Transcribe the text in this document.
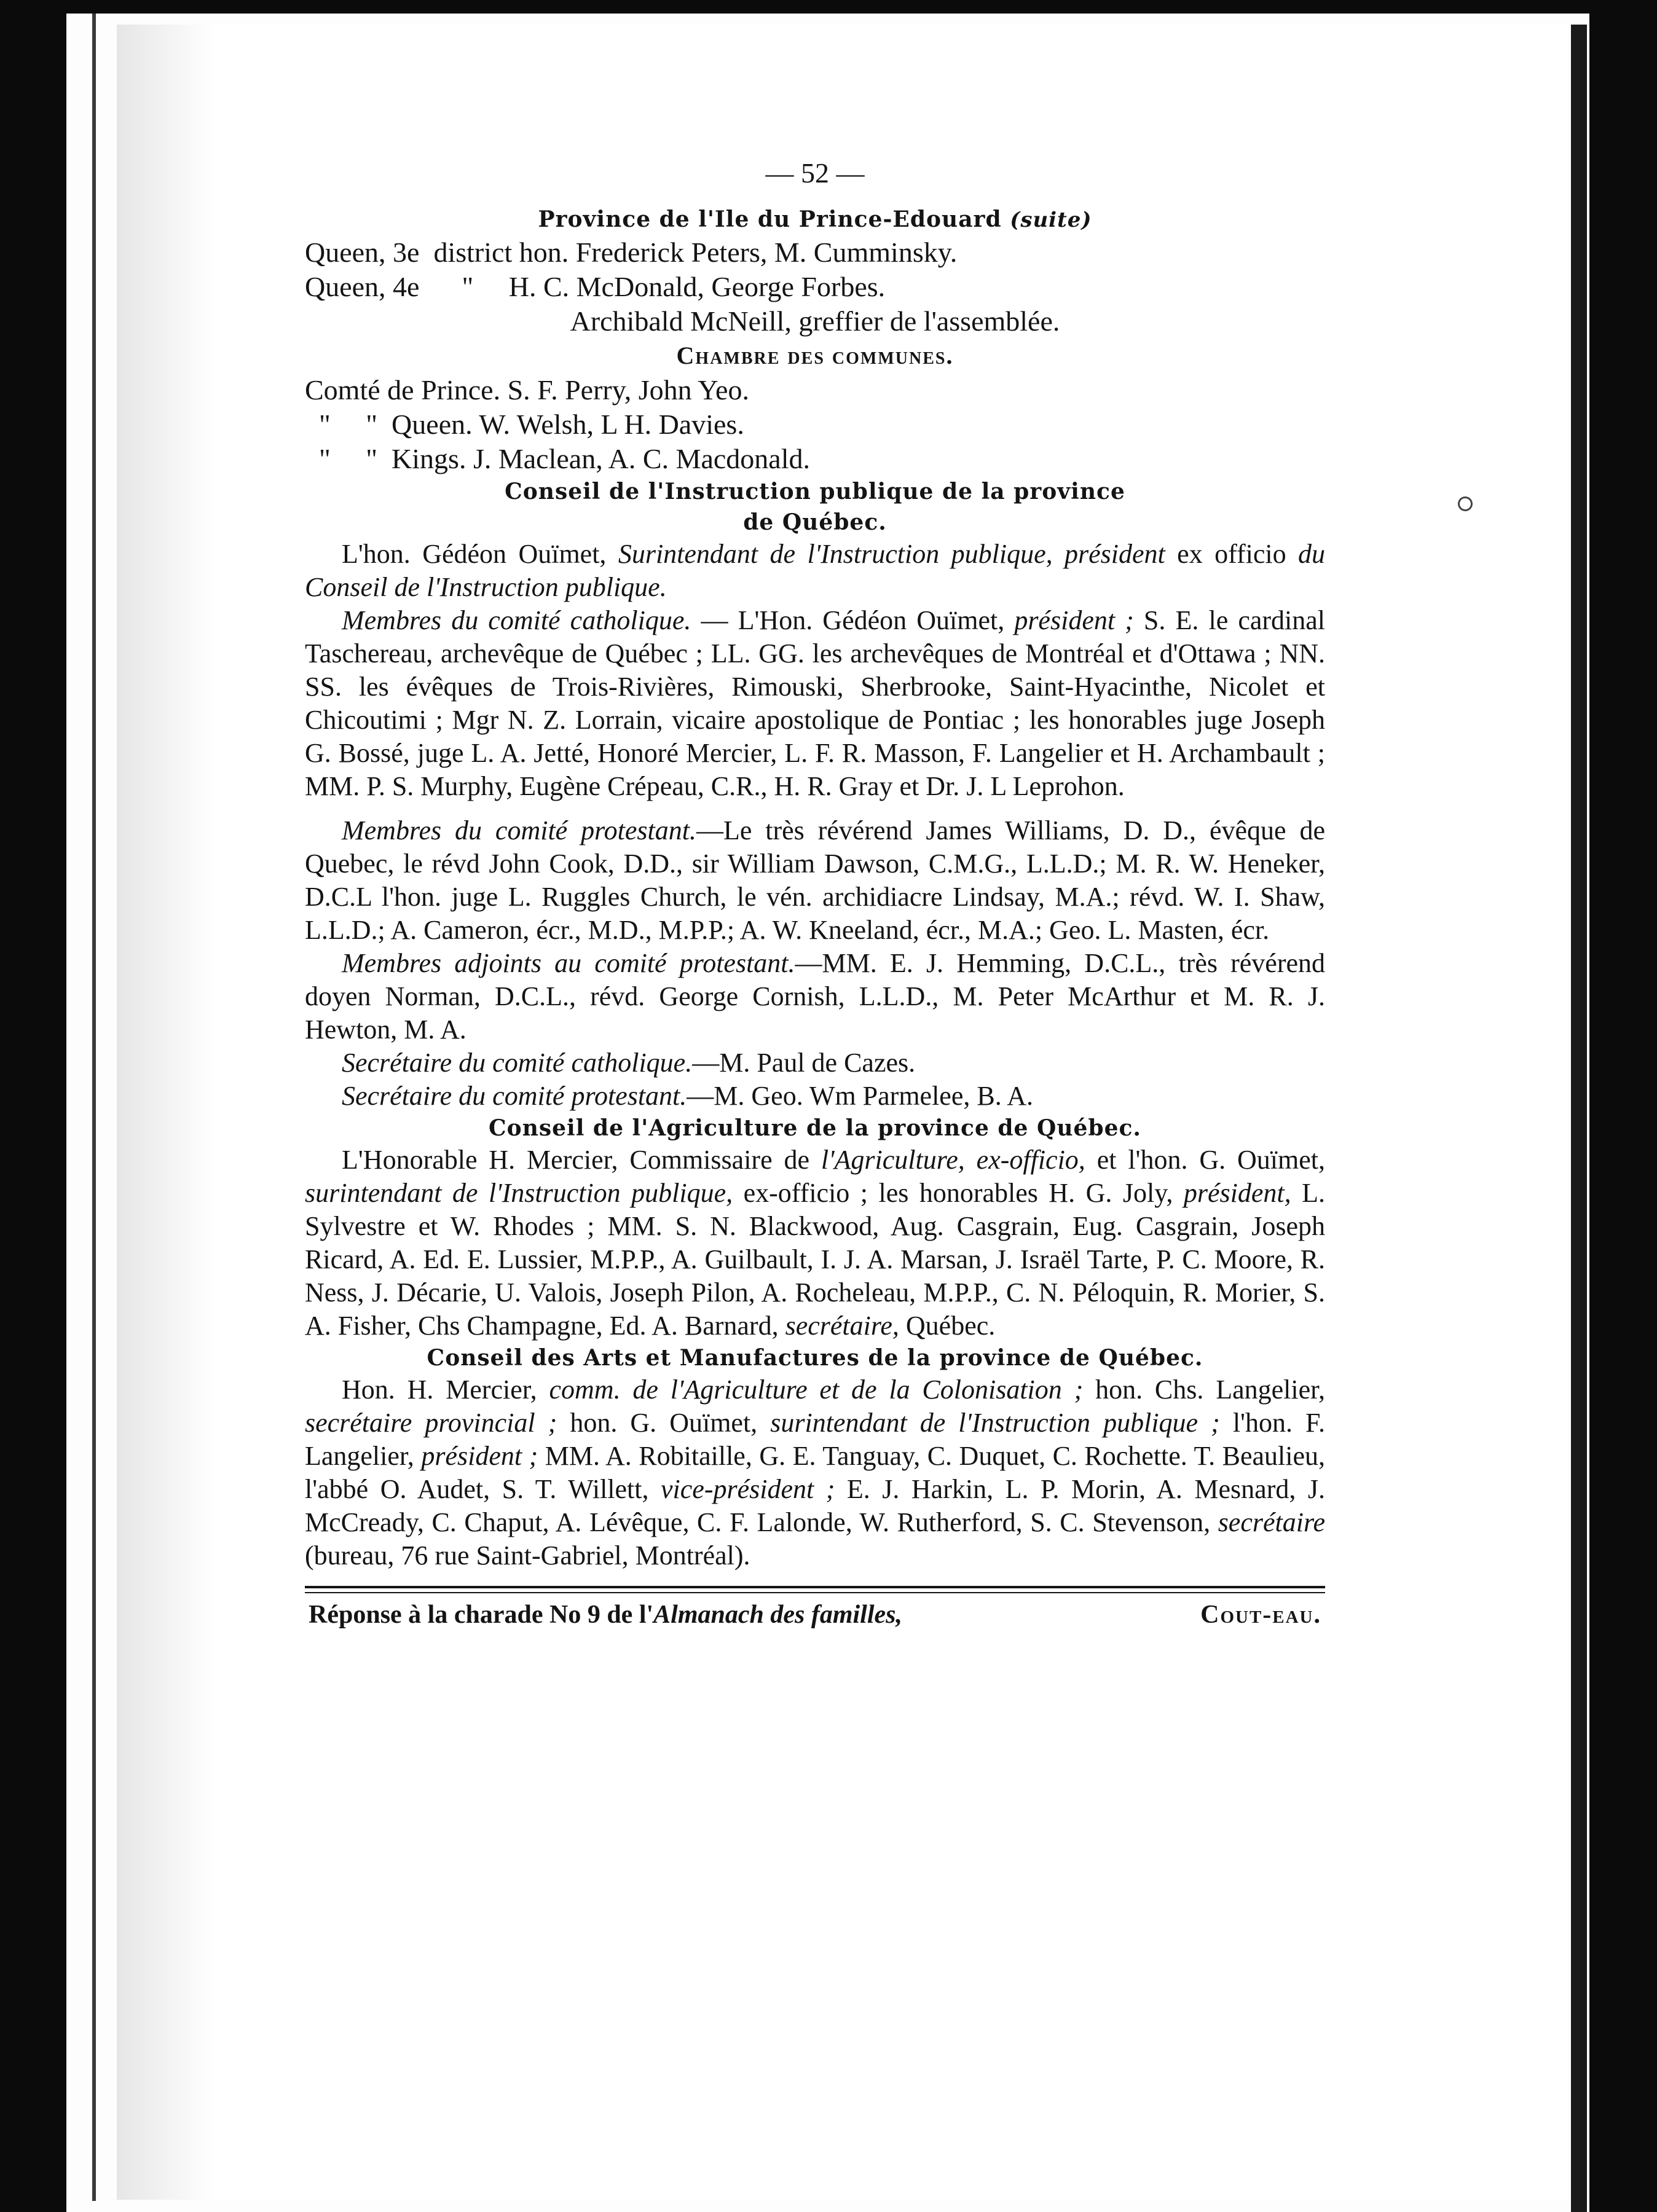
— 52 —
Province de l'Ile du Prince-Edouard (suite)
Queen, 3e  district hon. Frederick Peters, M. Cumminsky.
Queen, 4e      "     H. C. McDonald, George Forbes.
Archibald McNeill, greffier de l'assemblée.
Chambre des communes.
Comté de Prince. S. F. Perry, John Yeo.
"     "  Queen. W. Welsh, L H. Davies.
"     "  Kings. J. Maclean, A. C. Macdonald.
Conseil de l'Instruction publique de la province
de Québec.

L'hon. Gédéon Ouïmet, Surintendant de l'Instruction publique, président ex officio du Conseil de l'Instruction publique.

Membres du comité catholique. — L'Hon. Gédéon Ouïmet, président ; S. E. le cardinal Taschereau, archevêque de Québec ; LL. GG. les archevêques de Montréal et d'Ottawa ; NN. SS. les évêques de Trois-Rivières, Rimouski, Sherbrooke, Saint-Hyacinthe, Nicolet et Chicoutimi ; Mgr N. Z. Lorrain, vicaire apostolique de Pontiac ; les honorables juge Joseph G. Bossé, juge L. A. Jetté, Honoré Mercier, L. F. R. Masson, F. Langelier et H. Archambault ; MM. P. S. Murphy, Eugène Crépeau, C.R., H. R. Gray et Dr. J. L Leprohon.

Membres du comité protestant.—Le très révérend James Williams, D. D., évêque de Quebec, le révd John Cook, D.D., sir William Dawson, C.M.G., L.L.D.; M. R. W. Heneker, D.C.L l'hon. juge L. Ruggles Church, le vén. archidiacre Lindsay, M.A.; révd. W. I. Shaw, L.L.D.; A. Cameron, écr., M.D., M.P.P.; A. W. Kneeland, écr., M.A.; Geo. L. Masten, écr.

Membres adjoints au comité protestant.—MM. E. J. Hemming, D.C.L., très révérend doyen Norman, D.C.L., révd. George Cornish, L.L.D., M. Peter McArthur et M. R. J. Hewton, M. A.

Secrétaire du comité catholique.—M. Paul de Cazes.

Secrétaire du comité protestant.—M. Geo. Wm Parmelee, B. A.

Conseil de l'Agriculture de la province de Québec.

L'Honorable H. Mercier, Commissaire de l'Agriculture, ex-officio, et l'hon. G. Ouïmet, surintendant de l'Instruction publique, ex-officio ; les honorables H. G. Joly, président, L. Sylvestre et W. Rhodes ; MM. S. N. Blackwood, Aug. Casgrain, Eug. Casgrain, Joseph Ricard, A. Ed. E. Lussier, M.P.P., A. Guilbault, I. J. A. Marsan, J. Israël Tarte, P. C. Moore, R. Ness, J. Décarie, U. Valois, Joseph Pilon, A. Rocheleau, M.P.P., C. N. Péloquin, R. Morier, S. A. Fisher, Chs Champagne, Ed. A. Barnard, secrétaire, Québec.

Conseil des Arts et Manufactures de la province de Québec.

Hon. H. Mercier, comm. de l'Agriculture et de la Colonisation ; hon. Chs. Langelier, secrétaire provincial ; hon. G. Ouïmet, surintendant de l'Instruction publique ; l'hon. F. Langelier, président ; MM. A. Robitaille, G. E. Tanguay, C. Duquet, C. Rochette. T. Beaulieu, l'abbé O. Audet, S. T. Willett, vice-président ; E. J. Harkin, L. P. Morin, A. Mesnard, J. McCready, C. Chaput, A. Lévêque, C. F. Lalonde, W. Rutherford, S. C. Stevenson, secrétaire (bureau, 76 rue Saint-Gabriel, Montréal).

Réponse à la charade No 9 de l'Almanach des familles,	Cout-eau.
